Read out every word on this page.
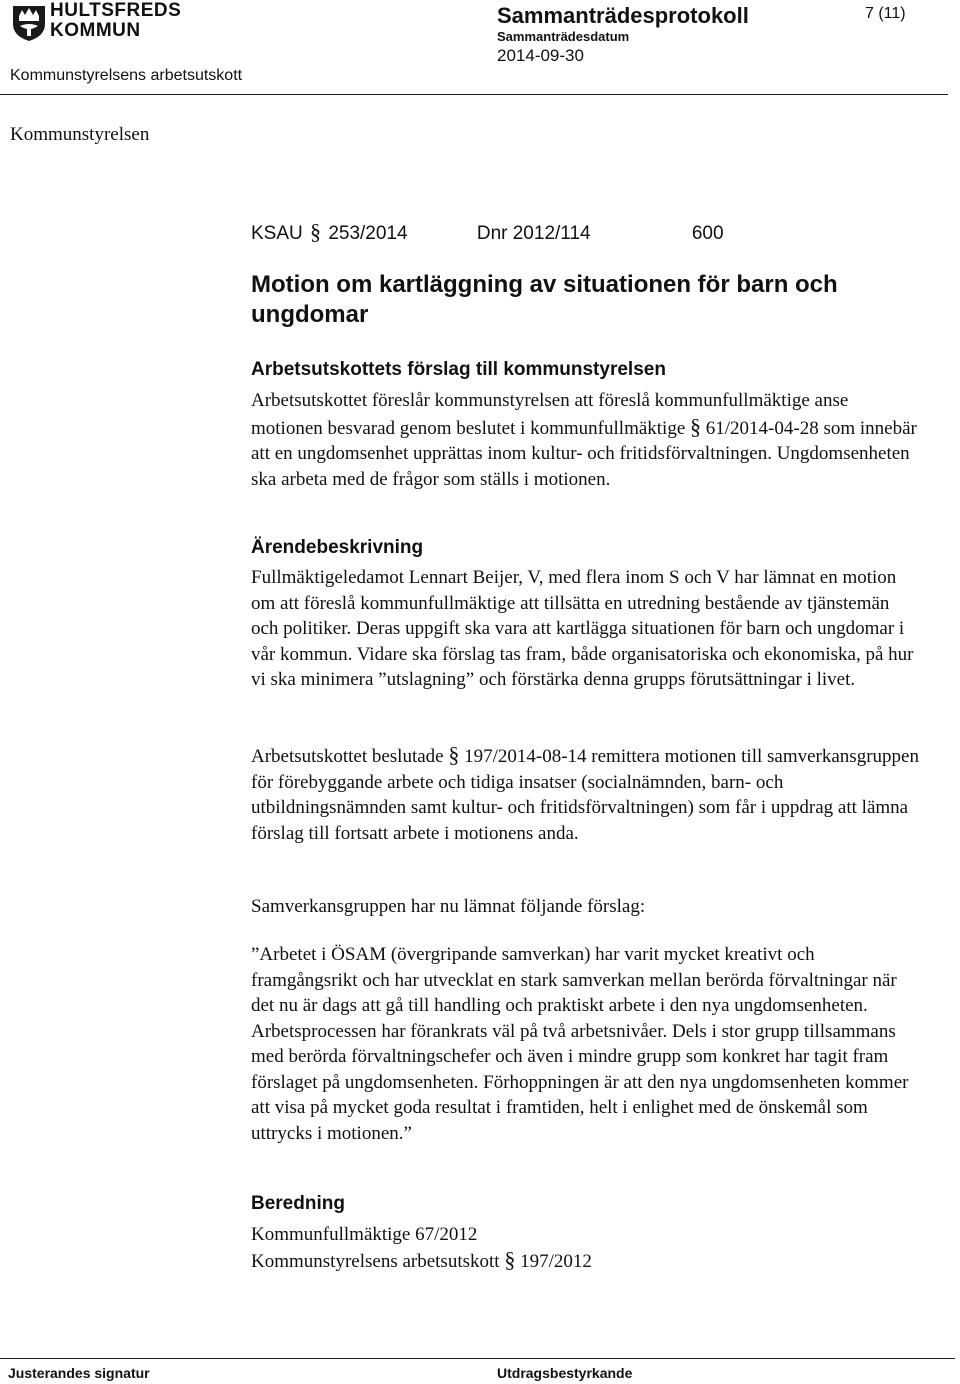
HULTSFREDS
KOMMUN
Sammanträdesprotokoll
Sammanträdesdatum
2014-09-30
7 (11)
Kommunstyrelsens arbetsutskott
Kommunstyrelsen
KSAU § 253/2014	Dnr 2012/114	600
Motion om kartläggning av situationen för barn och ungdomar
Arbetsutskottets förslag till kommunstyrelsen

Arbetsutskottet föreslår kommunstyrelsen att föreslå kommunfullmäktige anse motionen besvarad genom beslutet i kommunfullmäktige § 61/2014-04-28 som innebär att en ungdomsenhet upprättas inom kultur- och fritidsförvaltningen. Ungdomsenheten ska arbeta med de frågor som ställs i motionen.

Ärendebeskrivning

Fullmäktigeledamot Lennart Beijer, V, med flera inom S och V har lämnat en motion om att föreslå kommunfullmäktige att tillsätta en utredning bestående av tjänstemän och politiker. Deras uppgift ska vara att kartlägga situationen för barn och ungdomar i vår kommun. Vidare ska förslag tas fram, både organisatoriska och ekonomiska, på hur vi ska minimera ”utslagning” och förstärka denna grupps förutsättningar i livet.

Arbetsutskottet beslutade § 197/2014-08-14 remittera motionen till samverkansgruppen för förebyggande arbete och tidiga insatser (socialnämnden, barn- och utbildningsnämnden samt kultur- och fritidsförvaltningen) som får i uppdrag att lämna förslag till fortsatt arbete i motionens anda.

Samverkansgruppen har nu lämnat följande förslag:

”Arbetet i ÖSAM (övergripande samverkan) har varit mycket kreativt och framgångsrikt och har utvecklat en stark samverkan mellan berörda förvaltningar när det nu är dags att gå till handling och praktiskt arbete i den nya ungdomsenheten. Arbetsprocessen har förankrats väl på två arbetsnivåer. Dels i stor grupp tillsammans med berörda förvaltningschefer och även i mindre grupp som konkret har tagit fram förslaget på ungdomsenheten. Förhoppningen är att den nya ungdomsenheten kommer att visa på mycket goda resultat i framtiden, helt i enlighet med de önskemål som uttrycks i motionen.”

Beredning

Kommunfullmäktige 67/2012

Kommunstyrelsens arbetsutskott § 197/2012

Justerandes signatur	Utdragsbestyrkande
